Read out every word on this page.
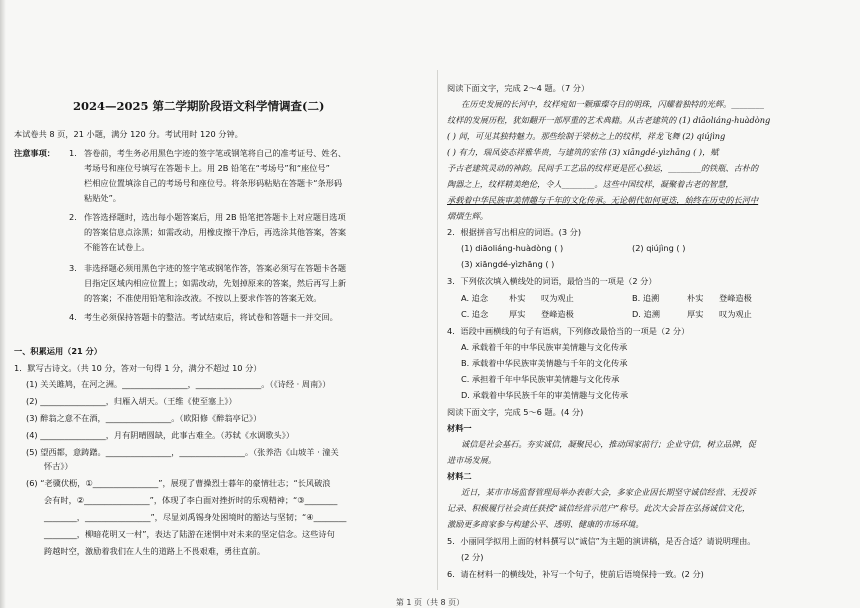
2024—2025 第二学期阶段语文科学情调查(二)
本试卷共 8 页，21 小题，满分 120 分。考试用时 120 分钟。
注意事项： 1. 答卷前，考生务必用黑色字迹的签字笔或钢笔将自己的准考证号、姓名、
考场号和座位号填写在答题卡上。用 2B 铅笔在“考场号”和“座位号”
栏相应位置填涂自己的考场号和座位号。将条形码粘贴在答题卡“条形码
粘贴处”。
2. 作答选择题时，选出每小题答案后，用 2B 铅笔把答题卡上对应题目选项
的答案信息点涂黑；如需改动，用橡皮擦干净后，再选涂其他答案，答案
不能答在试卷上。
3. 非选择题必须用黑色字迹的签字笔或钢笔作答，答案必须写在答题卡各题
目指定区域内相应位置上；如需改动，先划掉原来的答案，然后再写上新
的答案；不准使用铅笔和涂改液。不按以上要求作答的答案无效。
4. 考生必须保持答题卡的整洁。考试结束后，将试卷和答题卡一并交回。
一、积累运用（21 分）
1．默写古诗文。（共 10 分，答对一句得 1 分，满分不超过 10 分）
(1) 关关雎鸠，在河之洲。________________，________________。（《诗经 · 周南》）
(2) ________________，归雁入胡天。（王维《使至塞上》）
(3) 醉翁之意不在酒，________________。（欧阳修《醉翁亭记》）
(4) ________________，月有阴晴圆缺，此事古难全。（苏轼《水调歌头》）
(5) 望西都，意踌躇。________________，________________。（张养浩《山坡羊 · 潼关
怀古》）
(6) “老骥伏枥，①________________”，展现了曹操烈士暮年的豪情壮志；“长风破浪
会有时，②________________”，体现了李白面对挫折时的乐观精神；“③________
________，________________”，尽显刘禹锡身处困境时的豁达与坚韧；“④________
________，柳暗花明又一村”，表达了陆游在迷惘中对未来的坚定信念。这些诗句
跨越时空，激励着我们在人生的道路上不畏艰难，勇往直前。
阅读下面文字，完成 2～4 题。（7 分）
在历史发展的长河中，纹样宛如一颗璀璨夺目的明珠，闪耀着独特的光辉。________
纹样的发展历程，犹如翻开一部厚重的艺术典籍。从古老建筑的 (1) diāoliáng-huàdòng
( ) 间，可见其独特魅力。那些绘制于梁枋之上的纹样，祥龙飞舞 (2) qiújìng
( ) 有力，瑞凤姿态祥雅华贵，与建筑的宏伟 (3) xiāngdé-yìzhāng ( )，赋
予古老建筑灵动的神韵。民间手工艺品的纹样更是匠心独运，________的铁瓶、古朴的
陶器之上，纹样精美绝伦，令人________。这些中国纹样，凝聚着古老的智慧，
承载着中华民族审美情趣与千年的文化传承。无论朝代如何更迭，始终在历史的长河中
熠熠生辉。
2．根据拼音写出相应的词语。(3 分)
(1) diāoliáng-huàdòng ( )	(2) qiújìng ( )
(3) xiāngdé-yìzhāng ( )
3．下列依次填入横线处的词语，最恰当的一项是（2 分）
A. 追念	朴实 叹为观止	B. 追溯	朴实 登峰造极
C. 追念	厚实 登峰造极	D. 追溯	厚实 叹为观止
4．语段中画横线的句子有语病，下列修改最恰当的一项是（2 分）
A. 承载着千年的中华民族审美情趣与文化传承
B. 承载着中华民族审美情趣与千年的文化传承
C. 承担着千年中华民族审美情趣与文化传承
D. 承载着中华民族千年的审美情趣与文化传承
阅读下面文字，完成 5～6 题。(4 分)
材料一
诚信是社会基石。夯实诚信，凝聚民心，推动国家前行；企业守信，树立品牌，促
进市场发展。
材料二
近日，某市市场监督管理局举办表彰大会，多家企业因长期坚守诚信经营、无投诉
记录、积极履行社会责任获授“诚信经营示范户”称号。此次大会旨在弘扬诚信文化，
激励更多商家参与构建公平、透明、健康的市场环境。
5．小丽同学拟用上面的材料撰写以“诚信”为主题的演讲稿，是否合适？请说明理由。
(2 分)
6．请在材料一的横线处，补写一个句子，使前后语境保持一致。(2 分)
第 1 页（共 8 页）
